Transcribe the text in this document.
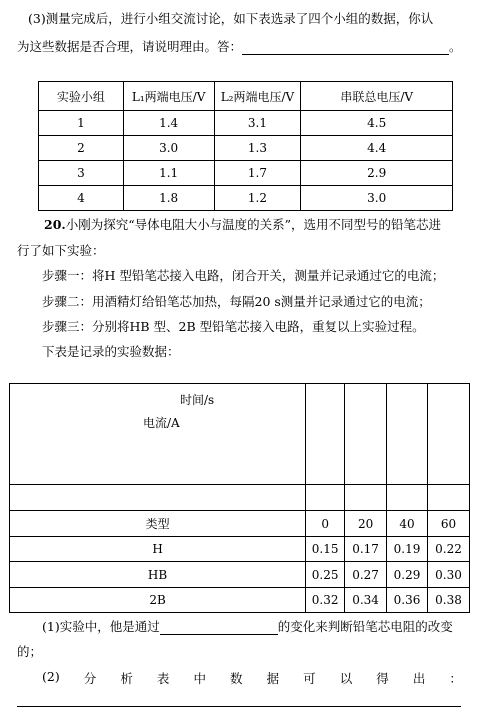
(3)测量完成后，进行小组交流讨论，如下表选录了四个小组的数据，你认
为这些数据是否合理，请说明理由。答：	。
实验小组	L₁两端电压/V	L₂两端电压/V	串联总电压/V
1	1.4	3.1	4.5
2	3.0	1.3	4.4
3	1.1	1.7	2.9
4	1.8	1.2	3.0
20.小刚为探究“导体电阻大小与温度的关系”，选用不同型号的铅笔芯进
行了如下实验：
步骤一：将H 型铅笔芯接入电路，闭合开关，测量并记录通过它的电流；
步骤二：用酒精灯给铅笔芯加热，每隔20 s测量并记录通过它的电流；
步骤三：分别将HB 型、2B 型铅笔芯接入电路，重复以上实验过程。
下表是记录的实验数据：
时间/s
电流/A				

类型	0	20	40	60
H	0.15	0.17	0.19	0.22
HB	0.25	0.27	0.29	0.30
2B	0.32	0.34	0.36	0.38
(1)实验中，他是通过	的变化来判断铅笔芯电阻的改变
的；
(2) 分 析 表 中 数 据 可 以 得 出 ：
